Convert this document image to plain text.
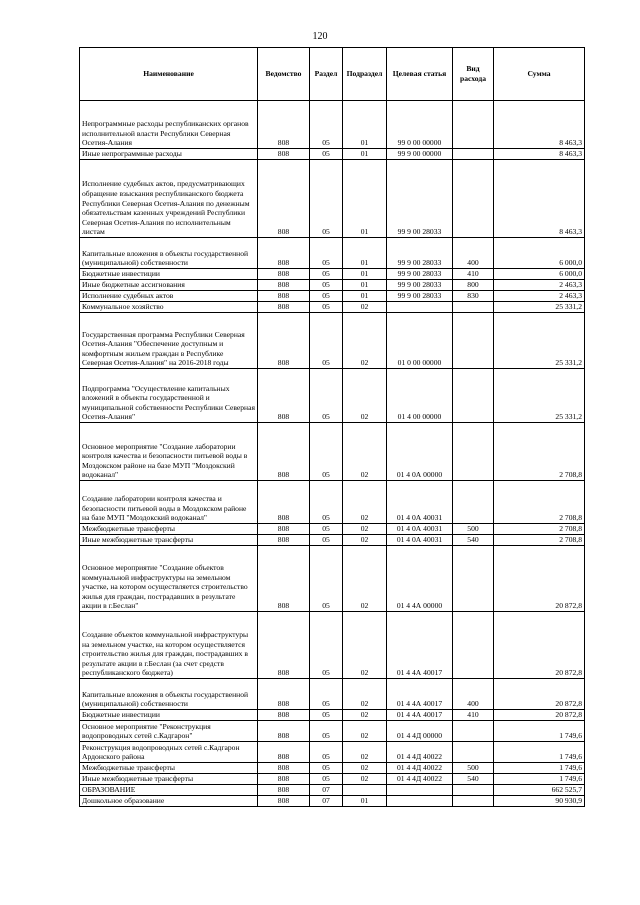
120
Наименование	Ведомство	Раздел	Подраздел	Целевая статья	Вид расхода	Сумма
Непрограммные расходы республиканских органов исполнительной власти Республики Северная Осетия-Алания	808	05	01	99 0 00 00000		8 463,3
Иные непрограммные расходы	808	05	01	99 9 00 00000		8 463,3
Исполнение судебных актов, предусматривающих обращение взыскания республиканского бюджета Республики Северная Осетия-Алания по денежным обязательствам казенных учреждений Республики Северная Осетия-Алания по исполнительным листам	808	05	01	99 9 00 28033		8 463,3
Капитальные вложения в объекты государственной (муниципальной) собственности	808	05	01	99 9 00 28033	400	6 000,0
Бюджетные инвестиции	808	05	01	99 9 00 28033	410	6 000,0
Иные бюджетные ассигнования	808	05	01	99 9 00 28033	800	2 463,3
Исполнение судебных актов	808	05	01	99 9 00 28033	830	2 463,3
Коммунальное хозяйство	808	05	02			25 331,2
Государственная программа Республики Северная Осетия-Алания "Обеспечение доступным и комфортным жильем граждан в Республике Северная Осетия-Алания" на 2016-2018 годы	808	05	02	01 0 00 00000		25 331,2
Подпрограмма "Осуществление капитальных вложений в объекты государственной и муниципальной собственности Республики Северная Осетия-Алания"	808	05	02	01 4 00 00000		25 331,2
Основное мероприятие "Создание лаборатории контроля качества и безопасности питьевой воды в Моздокском районе на базе МУП "Моздокский водоканал"	808	05	02	01 4 0А 00000		2 708,8
Создание лаборатории контроля качества и безопасности питьевой воды в Моздокском районе на базе МУП "Моздокский водоканал"	808	05	02	01 4 0А 40031		2 708,8
Межбюджетные трансферты	808	05	02	01 4 0А 40031	500	2 708,8
Иные межбюджетные трансферты	808	05	02	01 4 0А 40031	540	2 708,8
Основное мероприятие "Создание объектов коммунальной инфраструктуры на земельном участке, на котором осуществляется строительство жилья для граждан, пострадавших в результате акции в г.Беслан"	808	05	02	01 4 4А 00000		20 872,8
Создание объектов коммунальной инфраструктуры на земельном участке, на котором осуществляется строительство жилья для граждан, пострадавших в результате акции в г.Беслан (за счет средств республиканского бюджета)	808	05	02	01 4 4А 40017		20 872,8
Капитальные вложения в объекты государственной (муниципальной) собственности	808	05	02	01 4 4А 40017	400	20 872,8
Бюджетные инвестиции	808	05	02	01 4 4А 40017	410	20 872,8
Основное мероприятие "Реконструкция водопроводных сетей с.Кадгарон"	808	05	02	01 4 4Д 00000		1 749,6
Реконструкция водопроводных сетей с.Кадгарон Ардонского района	808	05	02	01 4 4Д 40022		1 749,6
Межбюджетные трансферты	808	05	02	01 4 4Д 40022	500	1 749,6
Иные межбюджетные трансферты	808	05	02	01 4 4Д 40022	540	1 749,6
ОБРАЗОВАНИЕ	808	07				662 525,7
Дошкольное образование	808	07	01			90 930,9
